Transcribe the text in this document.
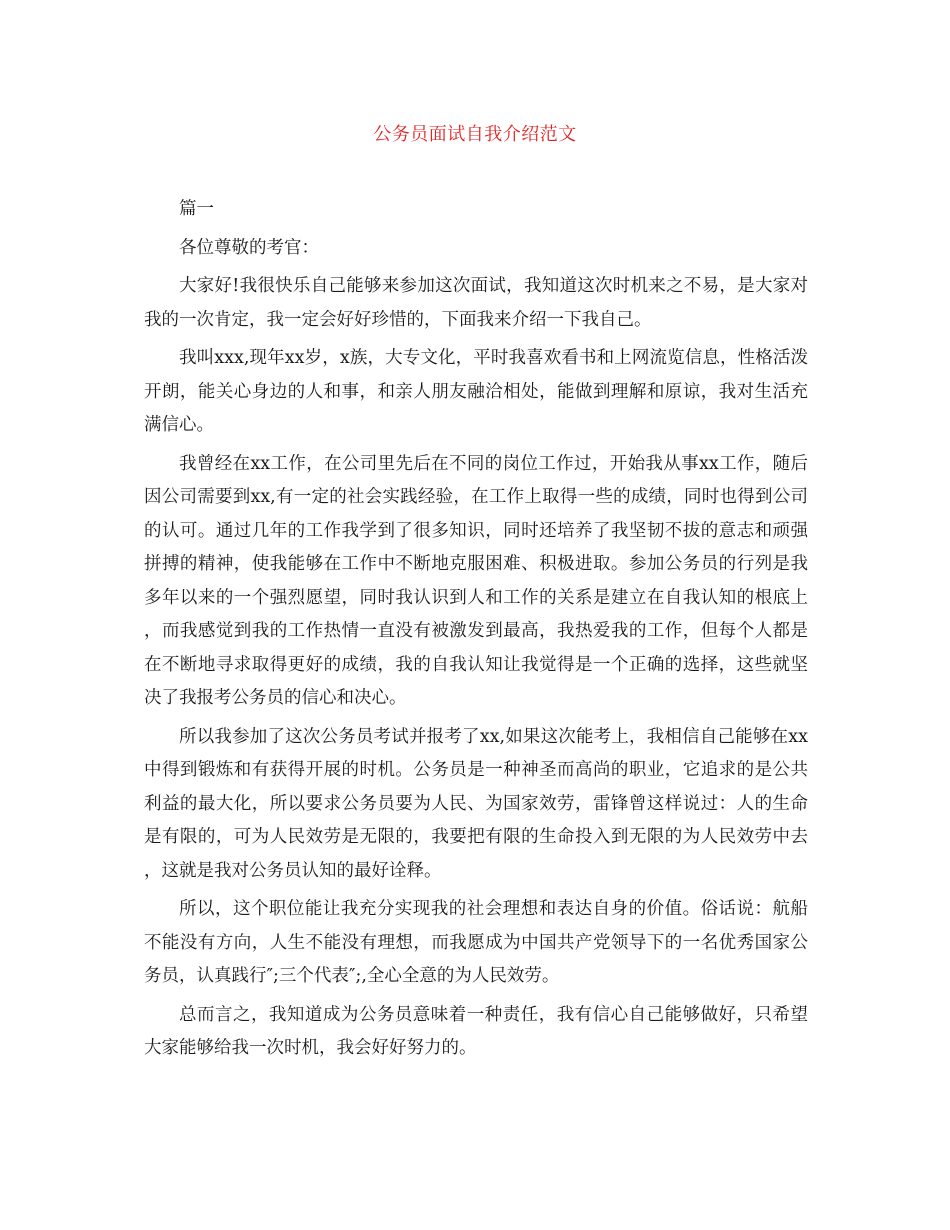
公务员面试自我介绍范文

篇一

各位尊敬的考官：

大家好!我很快乐自己能够来参加这次面试，我知道这次时机来之不易，是大家对我的一次肯定，我一定会好好珍惜的，下面我来介绍一下我自己。

我叫xxx,现年xx岁，x族，大专文化，平时我喜欢看书和上网流览信息，性格活泼开朗，能关心身边的人和事，和亲人朋友融洽相处，能做到理解和原谅，我对生活充满信心。

我曾经在xx工作，在公司里先后在不同的岗位工作过，开始我从事xx工作，随后因公司需要到xx,有一定的社会实践经验，在工作上取得一些的成绩，同时也得到公司的认可。通过几年的工作我学到了很多知识，同时还培养了我坚韧不拔的意志和顽强拼搏的精神，使我能够在工作中不断地克服困难、积极进取。参加公务员的行列是我多年以来的一个强烈愿望，同时我认识到人和工作的关系是建立在自我认知的根底上，而我感觉到我的工作热情一直没有被激发到最高，我热爱我的工作，但每个人都是在不断地寻求取得更好的成绩，我的自我认知让我觉得是一个正确的选择，这些就坚决了我报考公务员的信心和决心。

所以我参加了这次公务员考试并报考了xx,如果这次能考上，我相信自己能够在xx中得到锻炼和有获得开展的时机。公务员是一种神圣而高尚的职业，它追求的是公共利益的最大化，所以要求公务员要为人民、为国家效劳，雷锋曾这样说过：人的生命是有限的，可为人民效劳是无限的，我要把有限的生命投入到无限的为人民效劳中去，这就是我对公务员认知的最好诠释。

所以，这个职位能让我充分实现我的社会理想和表达自身的价值。俗话说：航船不能没有方向，人生不能没有理想，而我愿成为中国共产党领导下的一名优秀国家公务员，认真践行″;三个代表″;,全心全意的为人民效劳。

总而言之，我知道成为公务员意味着一种责任，我有信心自己能够做好，只希望大家能够给我一次时机，我会好好努力的。
